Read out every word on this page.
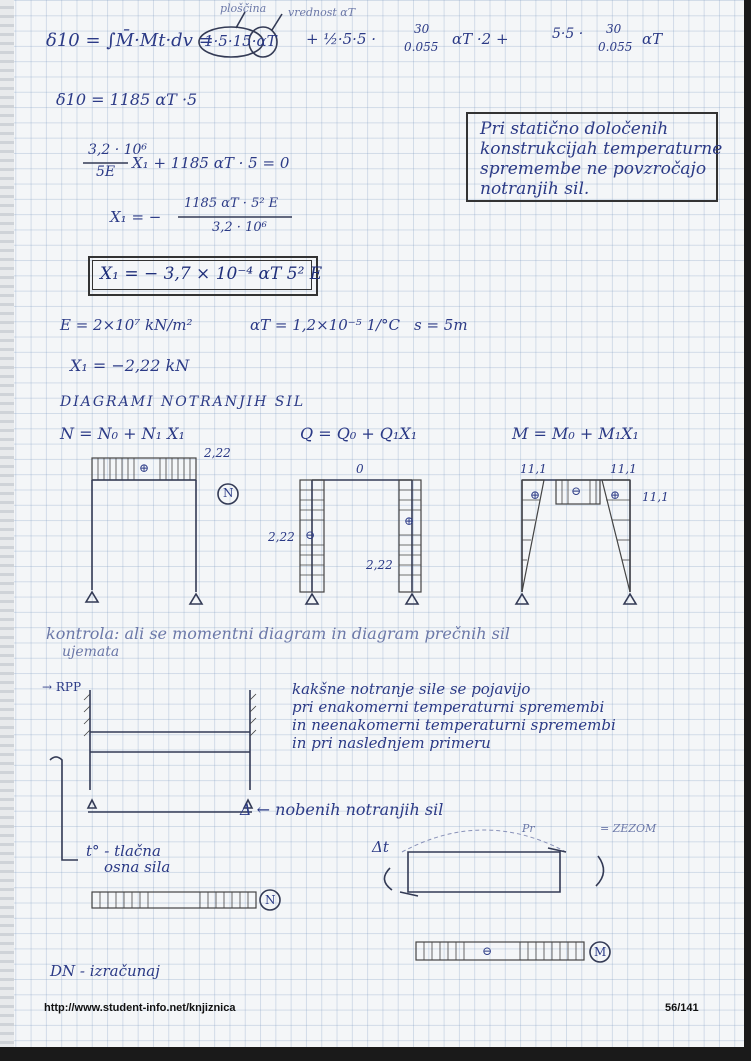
ploščina vrednost αT
δ10 = ∫M̄·Mt·dv =
1·5·15·αT + ½·5·5 ·
30
0.055 αT ·2 +	5·5 · 30
0.055 αT
δ10 = 1185 αT ·5
Pri statično določenih
konstrukcijah temperaturne
spremembe ne povzročajo
notranjih sil.
3,2 · 10⁶
5E X₁ + 1185 αT · 5 = 0
X₁ = −
1185 αT · 5² E
3,2 · 10⁶
X₁ = − 3,7 × 10⁻⁴ αT 5² E
E = 2×10⁷ kN/m²	αT = 1,2×10⁻⁵ 1/°C s = 5m
X₁ = −2,22 kN
DIAGRAMI NOTRANJIH SIL
N = N₀ + N₁ X₁	Q = Q₀ + Q₁X₁	M = M₀ + M₁X₁
2,22
⊕
N
0
2,22 ⊖
⊕
2,22
11,1	11,1
11,1
⊕	⊖ ⊕
kontrola: ali se momentni diagram in diagram prečnih sil
ujemata
→ RPP	kakšne notranje sile se pojavijo
pri enakomerni temperaturni spremembi
in neenakomerni temperaturni spremembi
in pri naslednjem primeru
Δ ← nobenih notranjih sil
t° - tlačna
osna sila
N
Δt
Pr	= ZEZOM
⊖	M
DN - izračunaj
http://www.student-info.net/knjiznica	56/141
